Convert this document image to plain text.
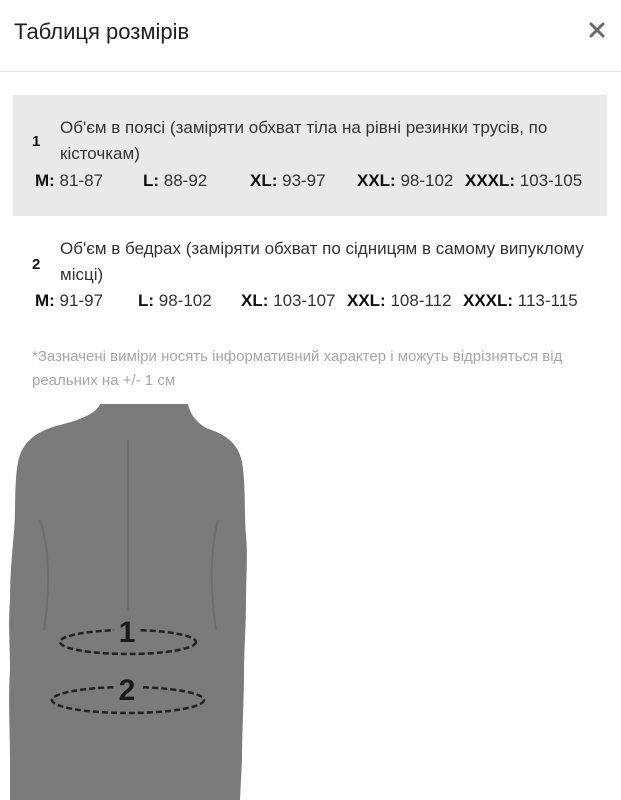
Таблиця розмірів
1
Об'єм в поясі (заміряти обхват тіла на рівні резинки трусів, по кісточкам)
M: 81-87 L: 88-92	XL: 93-97 XXL: 98-102 XXXL: 103-105
2
Об'єм в бедрах (заміряти обхват по сідницям в самому випуклому місці)
M: 91-97 L: 98-102 XL: 103-107 XXL: 108-112 XXXL: 113-115
*Зазначені виміри носять інформативний характер і можуть відрізняться від реальних на +/- 1 см
1
2
